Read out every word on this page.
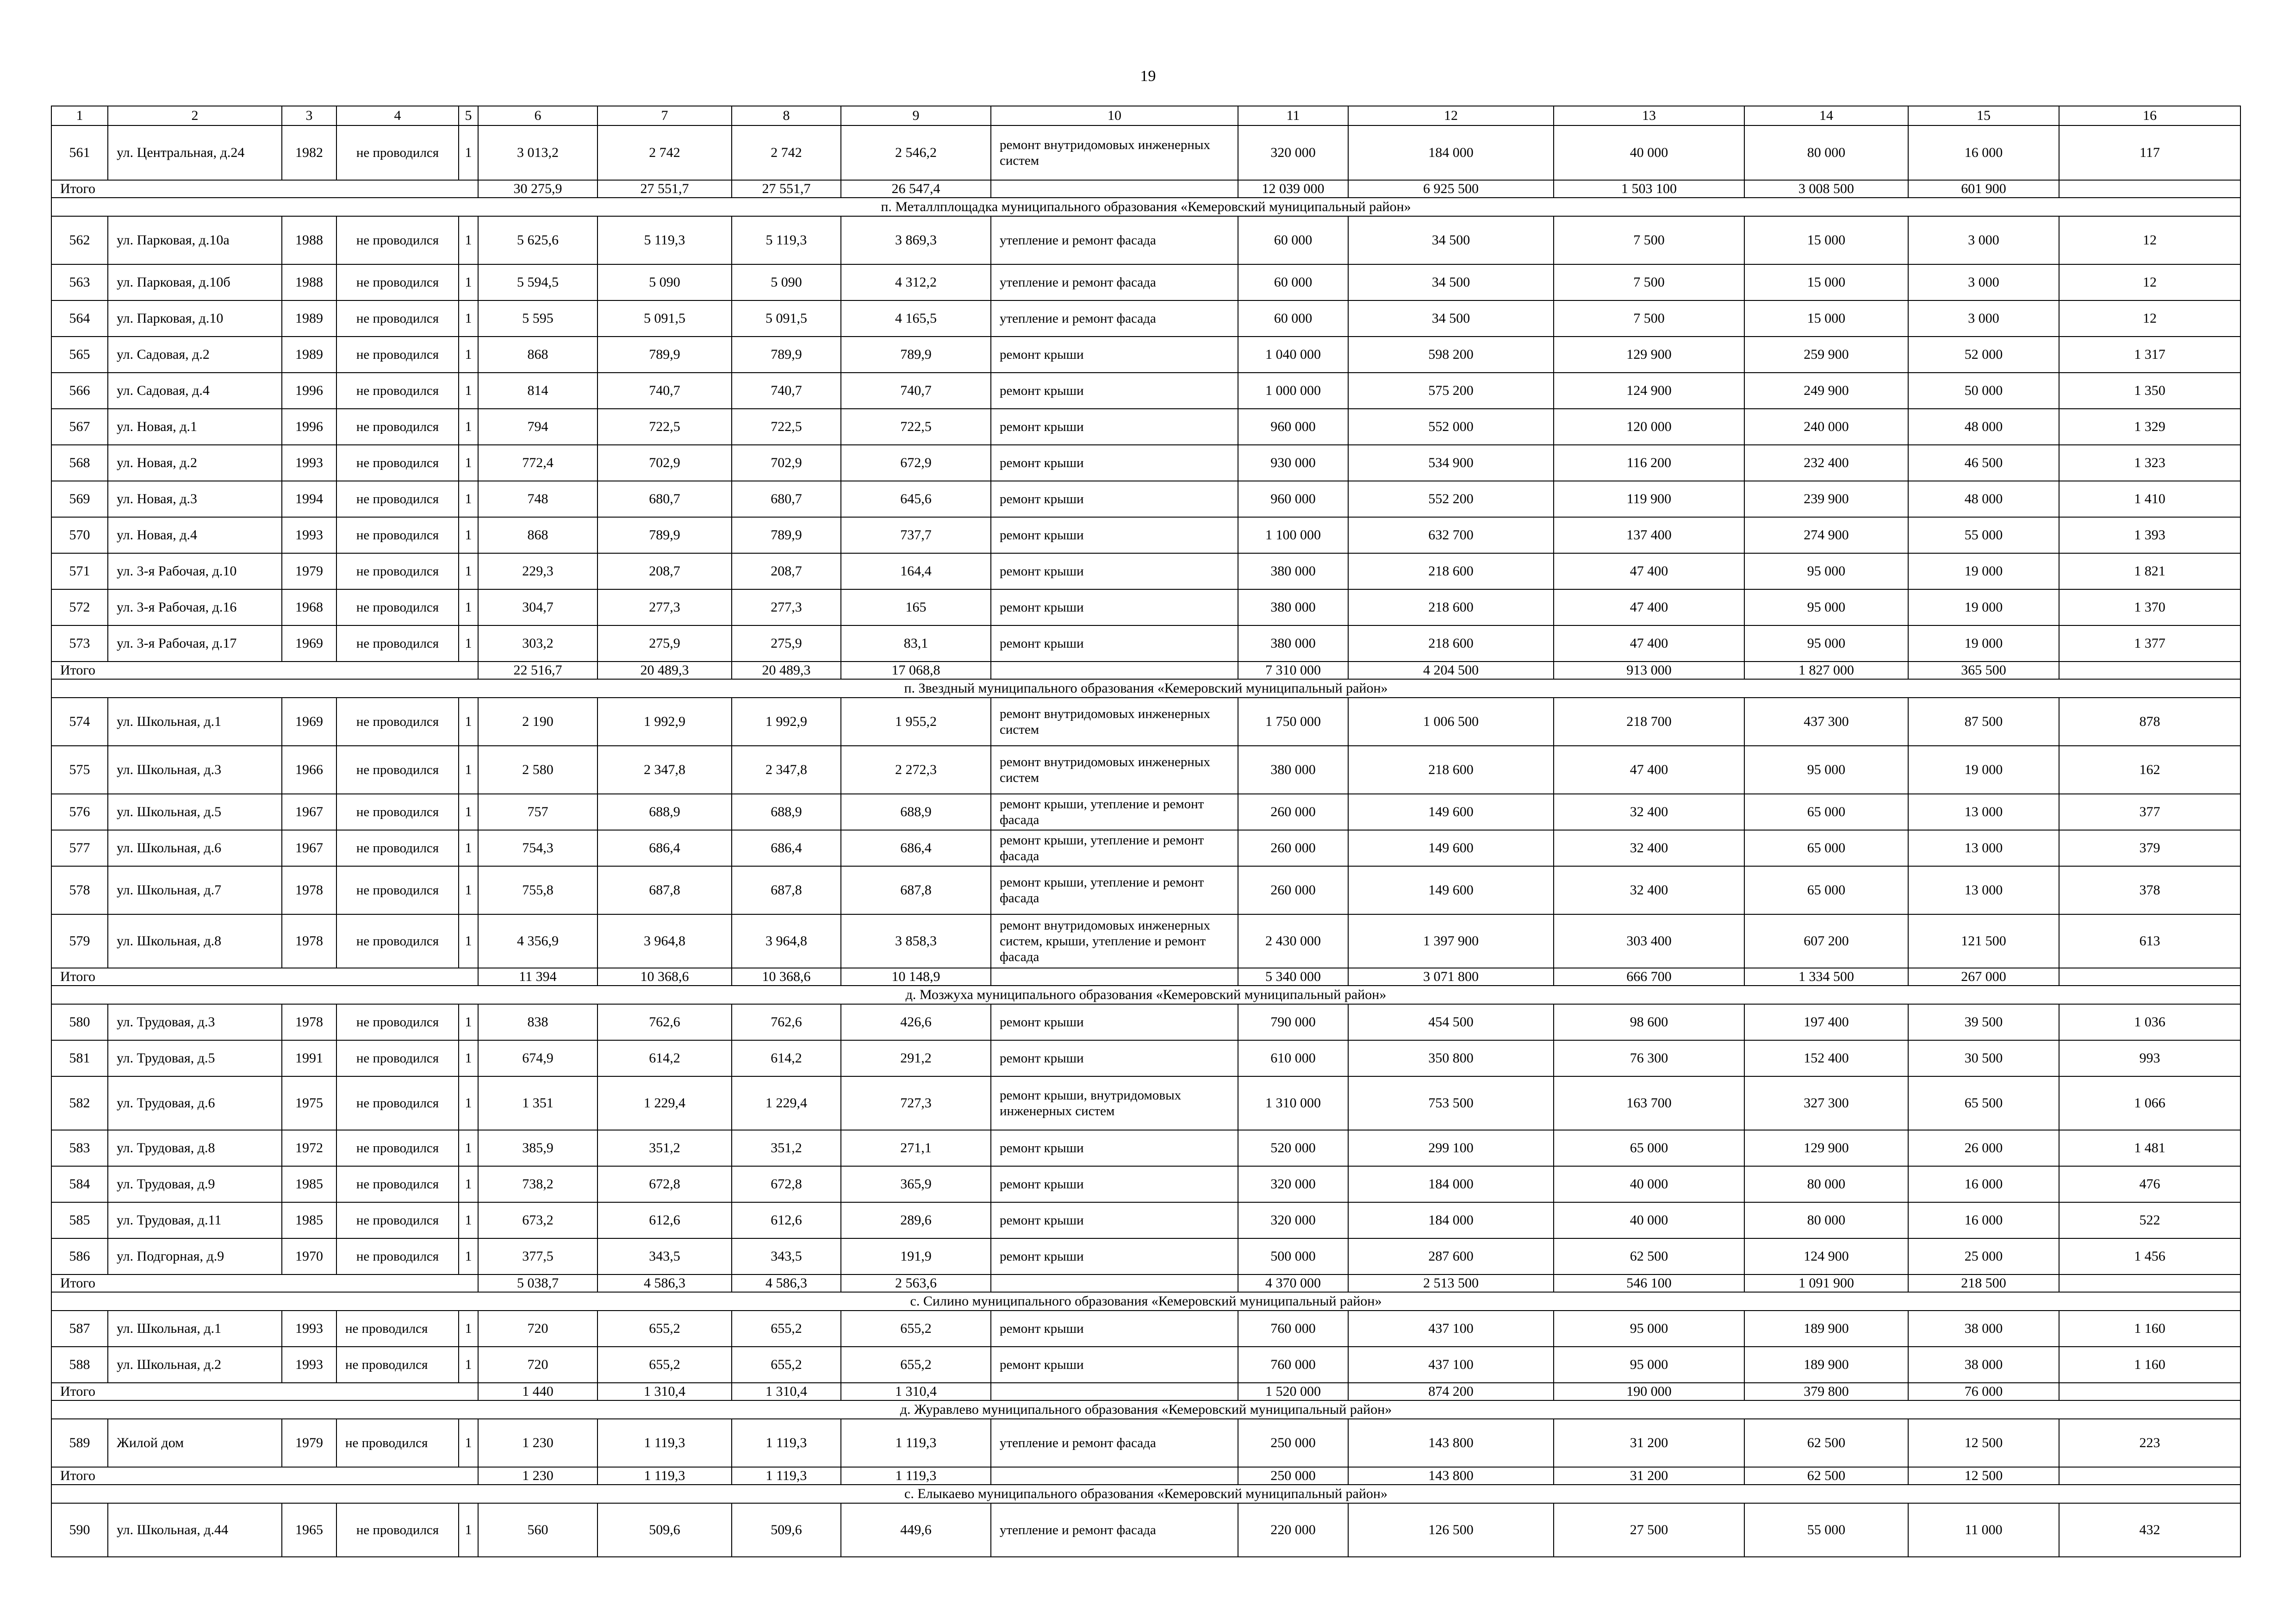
19
1	2	3	4	5	6	7	8	9	10	11	12	13	14	15	16
561	ул. Центральная, д.24	1982	не проводился	1	3 013,2	2 742	2 742	2 546,2	ремонт внутридомовых инженерных систем	320 000	184 000	40 000	80 000	16 000	117
Итого					30 275,9	27 551,7	27 551,7	26 547,4		12 039 000	6 925 500	1 503 100	3 008 500	601 900	
п. Металлплощадка муниципального образования «Кемеровский муниципальный район»															
562	ул. Парковая, д.10а	1988	не проводился	1	5 625,6	5 119,3	5 119,3	3 869,3	утепление и ремонт фасада	60 000	34 500	7 500	15 000	3 000	12
563	ул. Парковая, д.10б	1988	не проводился	1	5 594,5	5 090	5 090	4 312,2	утепление и ремонт фасада	60 000	34 500	7 500	15 000	3 000	12
564	ул. Парковая, д.10	1989	не проводился	1	5 595	5 091,5	5 091,5	4 165,5	утепление и ремонт фасада	60 000	34 500	7 500	15 000	3 000	12
565	ул. Садовая, д.2	1989	не проводился	1	868	789,9	789,9	789,9	ремонт крыши	1 040 000	598 200	129 900	259 900	52 000	1 317
566	ул. Садовая, д.4	1996	не проводился	1	814	740,7	740,7	740,7	ремонт крыши	1 000 000	575 200	124 900	249 900	50 000	1 350
567	ул. Новая, д.1	1996	не проводился	1	794	722,5	722,5	722,5	ремонт крыши	960 000	552 000	120 000	240 000	48 000	1 329
568	ул. Новая, д.2	1993	не проводился	1	772,4	702,9	702,9	672,9	ремонт крыши	930 000	534 900	116 200	232 400	46 500	1 323
569	ул. Новая, д.3	1994	не проводился	1	748	680,7	680,7	645,6	ремонт крыши	960 000	552 200	119 900	239 900	48 000	1 410
570	ул. Новая, д.4	1993	не проводился	1	868	789,9	789,9	737,7	ремонт крыши	1 100 000	632 700	137 400	274 900	55 000	1 393
571	ул. 3-я Рабочая, д.10	1979	не проводился	1	229,3	208,7	208,7	164,4	ремонт крыши	380 000	218 600	47 400	95 000	19 000	1 821
572	ул. 3-я Рабочая, д.16	1968	не проводился	1	304,7	277,3	277,3	165	ремонт крыши	380 000	218 600	47 400	95 000	19 000	1 370
573	ул. 3-я Рабочая, д.17	1969	не проводился	1	303,2	275,9	275,9	83,1	ремонт крыши	380 000	218 600	47 400	95 000	19 000	1 377
Итого					22 516,7	20 489,3	20 489,3	17 068,8		7 310 000	4 204 500	913 000	1 827 000	365 500	
п. Звездный муниципального образования «Кемеровский муниципальный район»															
574	ул. Школьная, д.1	1969	не проводился	1	2 190	1 992,9	1 992,9	1 955,2	ремонт внутридомовых инженерных систем	1 750 000	1 006 500	218 700	437 300	87 500	878
575	ул. Школьная, д.3	1966	не проводился	1	2 580	2 347,8	2 347,8	2 272,3	ремонт внутридомовых инженерных систем	380 000	218 600	47 400	95 000	19 000	162
576	ул. Школьная, д.5	1967	не проводился	1	757	688,9	688,9	688,9	ремонт крыши, утепление и ремонт фасада	260 000	149 600	32 400	65 000	13 000	377
577	ул. Школьная, д.6	1967	не проводился	1	754,3	686,4	686,4	686,4	ремонт крыши, утепление и ремонт фасада	260 000	149 600	32 400	65 000	13 000	379
578	ул. Школьная, д.7	1978	не проводился	1	755,8	687,8	687,8	687,8	ремонт крыши, утепление и ремонт фасада	260 000	149 600	32 400	65 000	13 000	378
579	ул. Школьная, д.8	1978	не проводился	1	4 356,9	3 964,8	3 964,8	3 858,3	ремонт внутридомовых инженерных систем, крыши, утепление и ремонт фасада	2 430 000	1 397 900	303 400	607 200	121 500	613
Итого					11 394	10 368,6	10 368,6	10 148,9		5 340 000	3 071 800	666 700	1 334 500	267 000	
д. Мозжуха муниципального образования «Кемеровский муниципальный район»															
580	ул. Трудовая, д.3	1978	не проводился	1	838	762,6	762,6	426,6	ремонт крыши	790 000	454 500	98 600	197 400	39 500	1 036
581	ул. Трудовая, д.5	1991	не проводился	1	674,9	614,2	614,2	291,2	ремонт крыши	610 000	350 800	76 300	152 400	30 500	993
582	ул. Трудовая, д.6	1975	не проводился	1	1 351	1 229,4	1 229,4	727,3	ремонт крыши, внутридомовых инженерных систем	1 310 000	753 500	163 700	327 300	65 500	1 066
583	ул. Трудовая, д.8	1972	не проводился	1	385,9	351,2	351,2	271,1	ремонт крыши	520 000	299 100	65 000	129 900	26 000	1 481
584	ул. Трудовая, д.9	1985	не проводился	1	738,2	672,8	672,8	365,9	ремонт крыши	320 000	184 000	40 000	80 000	16 000	476
585	ул. Трудовая, д.11	1985	не проводился	1	673,2	612,6	612,6	289,6	ремонт крыши	320 000	184 000	40 000	80 000	16 000	522
586	ул. Подгорная, д.9	1970	не проводился	1	377,5	343,5	343,5	191,9	ремонт крыши	500 000	287 600	62 500	124 900	25 000	1 456
Итого					5 038,7	4 586,3	4 586,3	2 563,6		4 370 000	2 513 500	546 100	1 091 900	218 500	
с. Силино муниципального образования «Кемеровский муниципальный район»															
587	ул. Школьная, д.1	1993	не проводился	1	720	655,2	655,2	655,2	ремонт крыши	760 000	437 100	95 000	189 900	38 000	1 160
588	ул. Школьная, д.2	1993	не проводился	1	720	655,2	655,2	655,2	ремонт крыши	760 000	437 100	95 000	189 900	38 000	1 160
Итого					1 440	1 310,4	1 310,4	1 310,4		1 520 000	874 200	190 000	379 800	76 000	
д. Журавлево муниципального образования «Кемеровский муниципальный район»															
589	Жилой дом	1979	не проводился	1	1 230	1 119,3	1 119,3	1 119,3	утепление и ремонт фасада	250 000	143 800	31 200	62 500	12 500	223
Итого					1 230	1 119,3	1 119,3	1 119,3		250 000	143 800	31 200	62 500	12 500	
с. Елыкаево муниципального образования «Кемеровский муниципальный район»															
590	ул. Школьная, д.44	1965	не проводился	1	560	509,6	509,6	449,6	утепление и ремонт фасада	220 000	126 500	27 500	55 000	11 000	432
